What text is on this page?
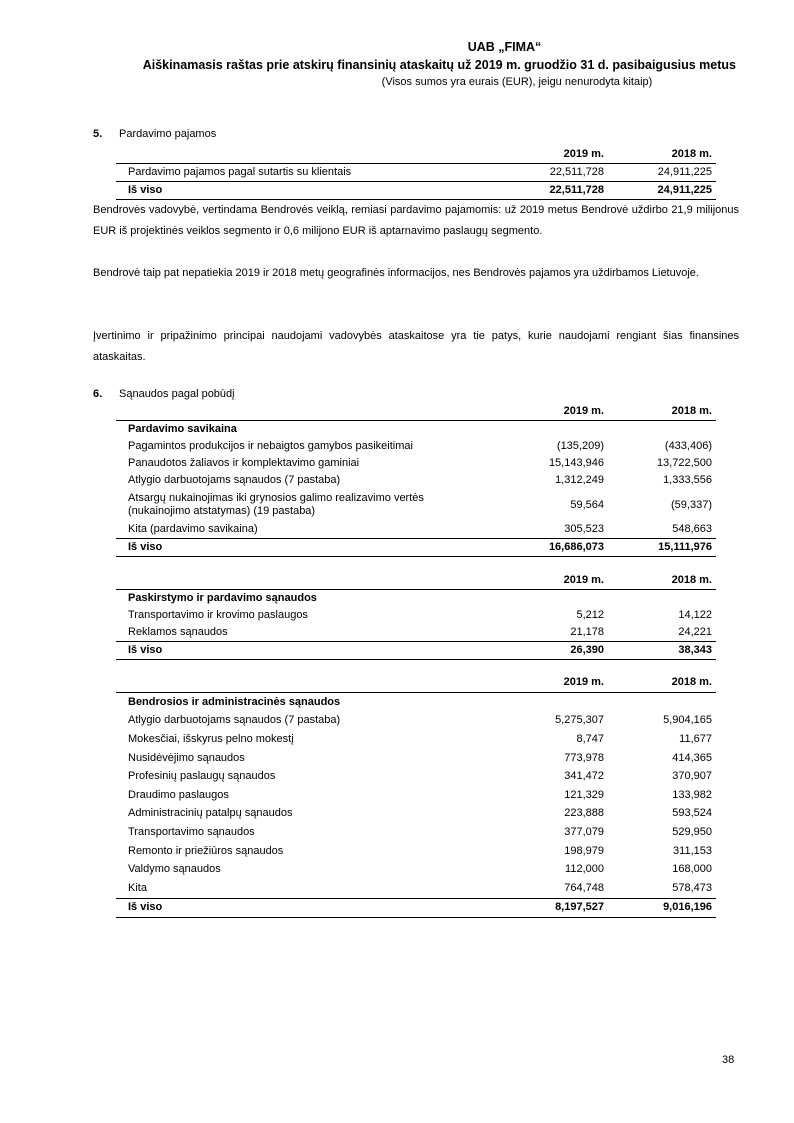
UAB „FIMA“
Aiškinamasis raštas prie atskirų finansinių ataskaitų už 2019 m. gruodžio 31 d. pasibaigusius metus
(Visos sumos yra eurais (EUR), jeigu nenurodyta kitaip)
5. Pardavimo pajamos
	2019 m.	2018 m.
Pardavimo pajamos pagal sutartis su klientais	22,511,728	24,911,225
Iš viso	22,511,728	24,911,225

Bendrovės vadovybė, vertindama Bendrovės veiklą, remiasi pardavimo pajamomis: už 2019 metus Bendrovė uždirbo 21,9 milijonus EUR iš projektinės veiklos segmento ir 0,6 milijono EUR iš aptarnavimo paslaugų segmento.

Bendrovė taip pat nepatiekia 2019 ir 2018 metų geografinės informacijos, nes Bendrovės pajamos yra uždirbamos Lietuvoje.

Įvertinimo ir pripažinimo principai naudojami vadovybės ataskaitose yra tie patys, kurie naudojami rengiant šias finansines ataskaitas.

6. Sąnaudos pagal pobūdį
	2019 m.	2018 m.
Pardavimo savikaina		
Pagamintos produkcijos ir nebaigtos gamybos pasikeitimai	(135,209)	(433,406)
Panaudotos žaliavos ir komplektavimo gaminiai	15,143,946	13,722,500
Atlygio darbuotojams sąnaudos (7 pastaba)	1,312,249	1,333,556
Atsargų nukainojimas iki grynosios galimo realizavimo vertės (nukainojimo atstatymas) (19 pastaba)	59,564	(59,337)
Kita (pardavimo savikaina)	305,523	548,663
Iš viso	16,686,073	15,111,976
	2019 m.	2018 m.
Paskirstymo ir pardavimo sąnaudos		
Transportavimo ir krovimo paslaugos	5,212	14,122
Reklamos sąnaudos	21,178	24,221
Iš viso	26,390	38,343
	2019 m.	2018 m.
Bendrosios ir administracinės sąnaudos		
Atlygio darbuotojams sąnaudos (7 pastaba)	5,275,307	5,904,165
Mokesčiai, išskyrus pelno mokestį	8,747	11,677
Nusidėvėjimo sąnaudos	773,978	414,365
Profesinių paslaugų sąnaudos	341,472	370,907
Draudimo paslaugos	121,329	133,982
Administracinių patalpų sąnaudos	223,888	593,524
Transportavimo sąnaudos	377,079	529,950
Remonto ir priežiūros sąnaudos	198,979	311,153
Valdymo sąnaudos	112,000	168,000
Kita	764,748	578,473
Iš viso	8,197,527	9,016,196
38
